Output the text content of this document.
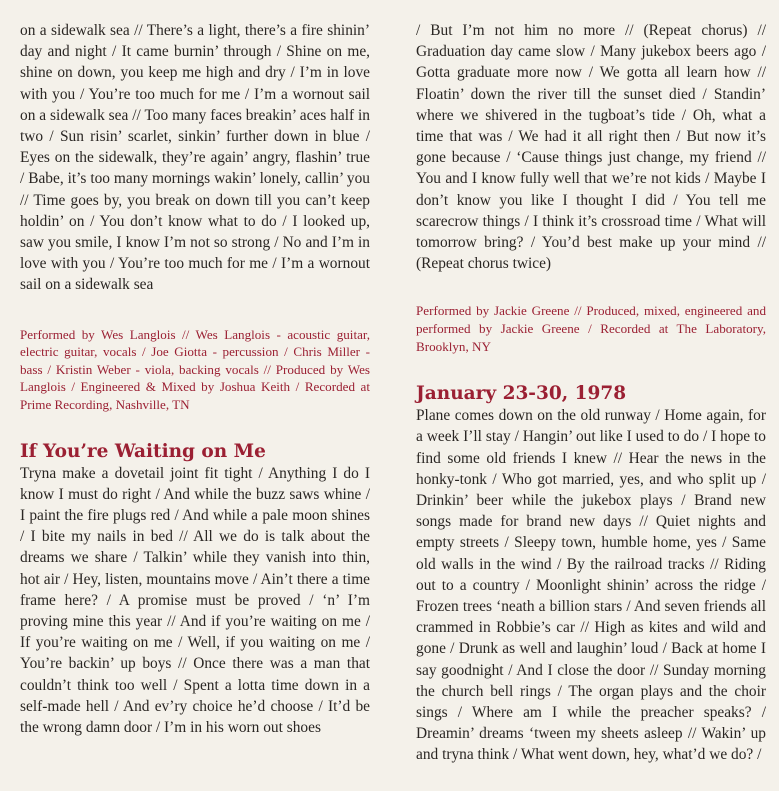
on a sidewalk sea // There’s a light, there’s a fire shinin’ day and night / It came burnin’ through / Shine on me, shine on down, you keep me high and dry / I’m in love with you / You’re too much for me / I’m a wornout sail on a sidewalk sea // Too many faces breakin’ aces half in two / Sun risin’ scarlet, sinkin’ further down in blue / Eyes on the sidewalk, they’re again’ angry, flashin’ true / Babe, it’s too many mornings wakin’ lonely, callin’ you // Time goes by, you break on down till you can’t keep holdin’ on / You don’t know what to do / I looked up, saw you smile, I know I’m not so strong / No and I’m in love with you / You’re too much for me / I’m a wornout sail on a sidewalk sea

Performed by Wes Langlois // Wes Langlois - acoustic guitar, electric guitar, vocals / Joe Giotta - percussion / Chris Miller - bass / Kristin Weber - viola, backing vocals // Produced by Wes Langlois / Engineered & Mixed by Joshua Keith / Recorded at Prime Recording, Nashville, TN

If You’re Waiting on Me

Tryna make a dovetail joint fit tight / Anything I do I know I must do right / And while the buzz saws whine / I paint the fire plugs red / And while a pale moon shines / I bite my nails in bed // All we do is talk about the dreams we share / Talkin’ while they vanish into thin, hot air / Hey, listen, mountains move / Ain’t there a time frame here? / A promise must be proved / ‘n’ I’m proving mine this year // And if you’re waiting on me / If you’re waiting on me / Well, if you waiting on me / You’re backin’ up boys // Once there was a man that couldn’t think too well / Spent a lotta time down in a self-made hell / And ev’ry choice he’d choose / It’d be the wrong damn door / I’m in his worn out shoes

/ But I’m not him no more // (Repeat chorus) // Graduation day came slow / Many jukebox beers ago / Gotta graduate more now / We gotta all learn how // Floatin’ down the river till the sunset died / Standin’ where we shivered in the tugboat’s tide / Oh, what a time that was / We had it all right then / But now it’s gone because / ‘Cause things just change, my friend // You and I know fully well that we’re not kids / Maybe I don’t know you like I thought I did / You tell me scarecrow things / I think it’s crossroad time / What will tomorrow bring? / You’d best make up your mind // (Repeat chorus twice)

Performed by Jackie Greene // Produced, mixed, engineered and performed by Jackie Greene / Recorded at The Laboratory, Brooklyn, NY

January 23-30, 1978

Plane comes down on the old runway / Home again, for a week I’ll stay / Hangin’ out like I used to do / I hope to find some old friends I knew // Hear the news in the honky-tonk / Who got married, yes, and who split up / Drinkin’ beer while the jukebox plays / Brand new songs made for brand new days // Quiet nights and empty streets / Sleepy town, humble home, yes / Same old walls in the wind / By the railroad tracks // Riding out to a country / Moonlight shinin’ across the ridge / Frozen trees ‘neath a billion stars / And seven friends all crammed in Robbie’s car // High as kites and wild and gone / Drunk as well and laughin’ loud / Back at home I say goodnight / And I close the door // Sunday morning the church bell rings / The organ plays and the choir sings / Where am I while the preacher speaks? / Dreamin’ dreams ‘tween my sheets asleep // Wakin’ up and tryna think / What went down, hey, what’d we do? /
